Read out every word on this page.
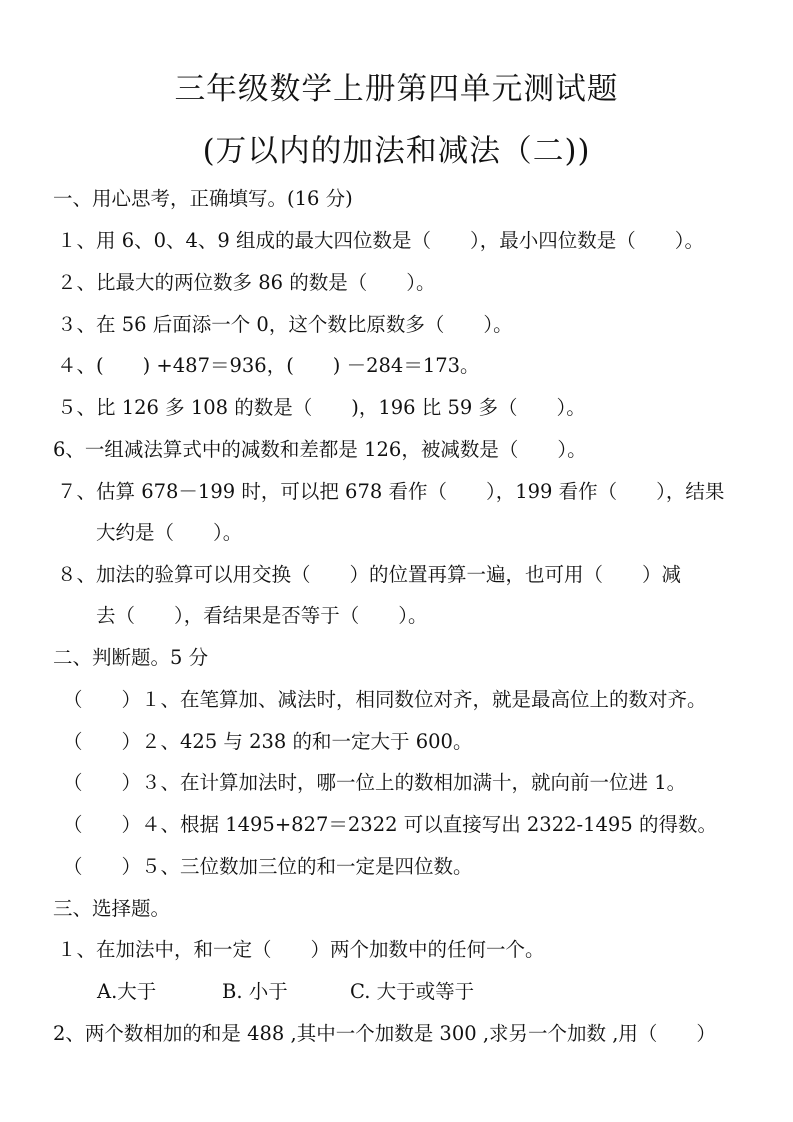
三年级数学上册第四单元测试题
(万以内的加法和减法（二))
一、用心思考，正确填写。(16 分)
１、用 6、0、4、9 组成的最大四位数是（　　），最小四位数是（　　）。
２、比最大的两位数多 86 的数是（　　）。
３、在 56 后面添一个 0，这个数比原数多（　　）。
４、(　　) +487＝936，(　　) －284＝173。
５、比 126 多 108 的数是（　　)，196 比 59 多（　　）。
6、一组减法算式中的减数和差都是 126，被减数是（　　）。
７、估算 678－199 时，可以把 678 看作（　　），199 看作（　　），结果
大约是（　　）。
８、加法的验算可以用交换（　　）的位置再算一遍，也可用（　　）减
去（　　），看结果是否等于（　　）。
二、判断题。5 分
（　　）１、在笔算加、减法时，相同数位对齐，就是最高位上的数对齐。
（　　）２、425 与 238 的和一定大于 600。
（　　）３、在计算加法时，哪一位上的数相加满十，就向前一位进 1。
（　　）４、根据 1495+827＝2322 可以直接写出 2322-1495 的得数。
（　　）５、三位数加三位的和一定是四位数。
三、选择题。
１、在加法中，和一定（　　）两个加数中的任何一个。
A.大于	B. 小于	C. 大于或等于
2、两个数相加的和是 488 ,其中一个加数是 300 ,求另一个加数 ,用（　　）
